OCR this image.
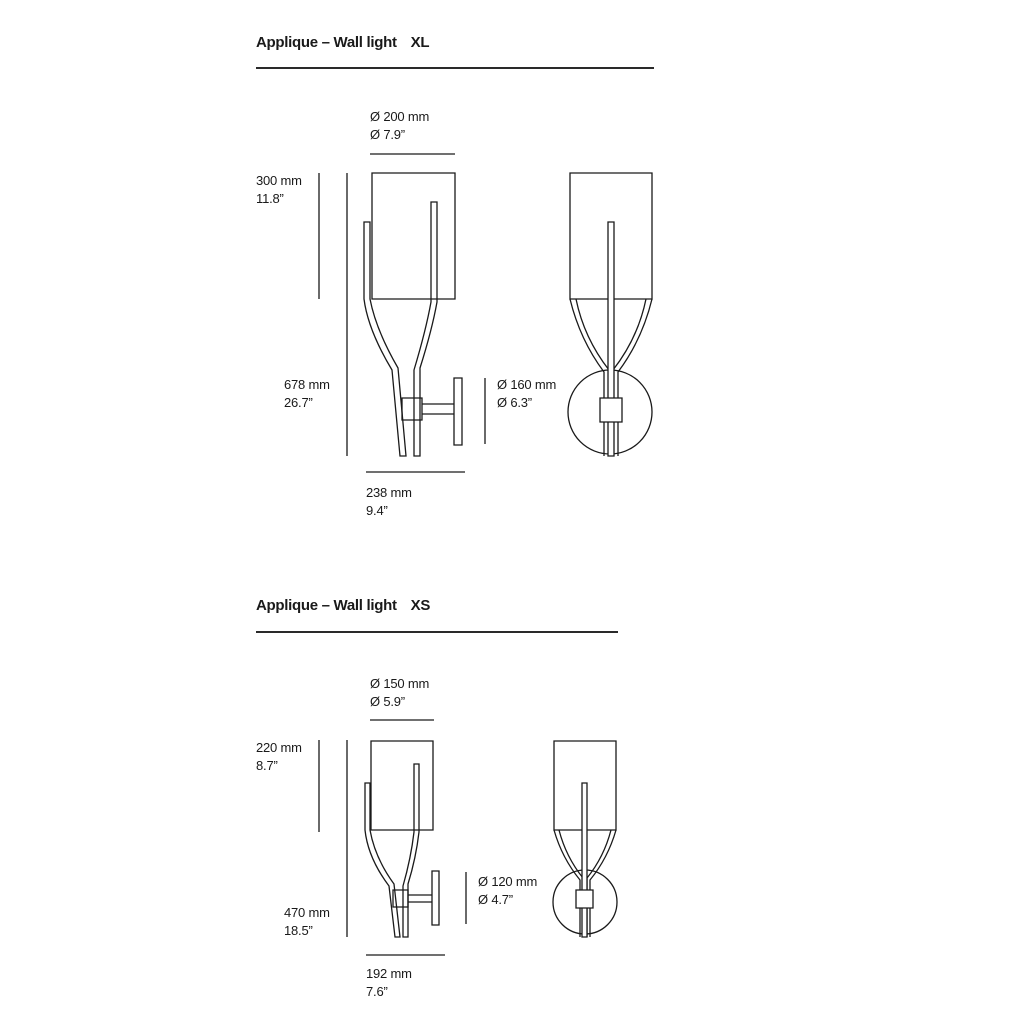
Applique – Wall light XL
Ø 200 mm
Ø 7.9”
300 mm
11.8”
678 mm
26.7”
Ø 160 mm
Ø 6.3”
238 mm
9.4”
Applique – Wall light XS
Ø 150 mm
Ø 5.9”
220 mm
8.7”
470 mm
18.5”
Ø 120 mm
Ø 4.7”
192 mm
7.6”
